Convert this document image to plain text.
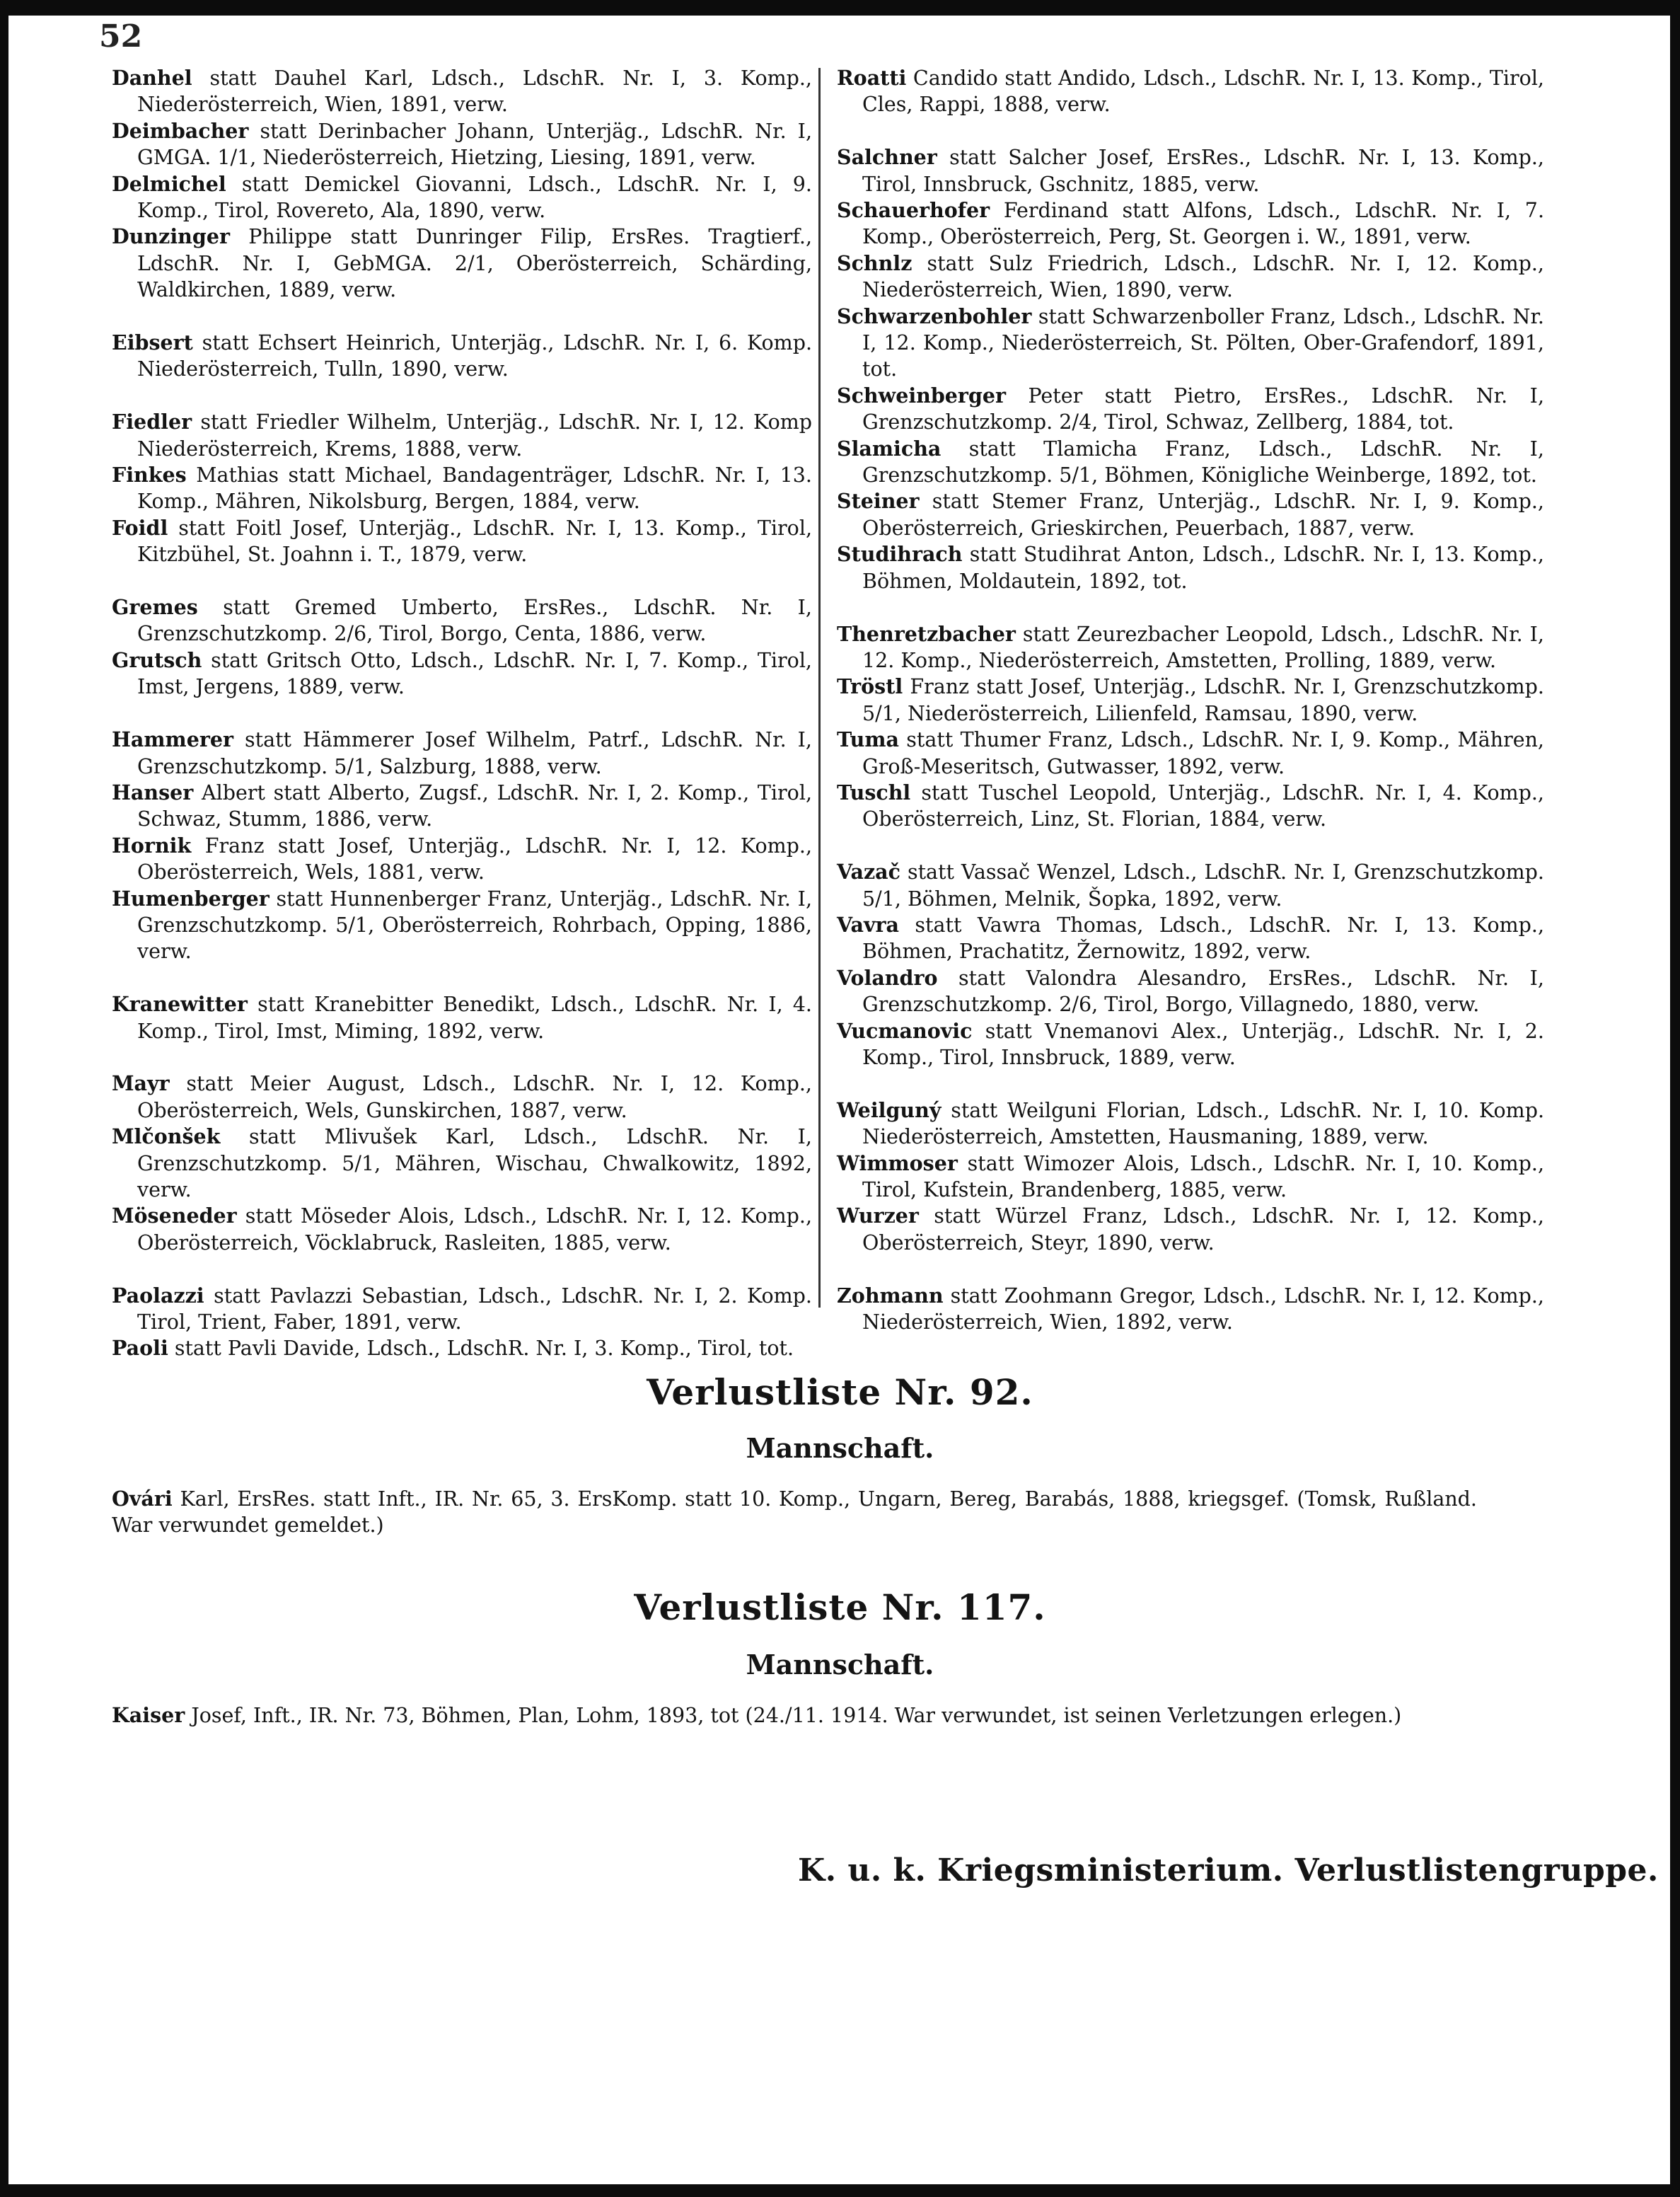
52

Danhel statt Dauhel Karl, Ldsch., LdschR. Nr. I, 3. Komp., Niederösterreich, Wien, 1891, verw.

Deimbacher statt Derinbacher Johann, Unterjäg., LdschR. Nr. I, GMGA. 1/1, Niederösterreich, Hietzing, Liesing, 1891, verw.

Delmichel statt Demickel Giovanni, Ldsch., LdschR. Nr. I, 9. Komp., Tirol, Rovereto, Ala, 1890, verw.

Dunzinger Philippe statt Dunringer Filip, ErsRes. Tragtierf., LdschR. Nr. I, GebMGA. 2/1, Oberösterreich, Schärding, Waldkirchen, 1889, verw.

Eibsert statt Echsert Heinrich, Unterjäg., LdschR. Nr. I, 6. Komp. Niederösterreich, Tulln, 1890, verw.

Fiedler statt Friedler Wilhelm, Unterjäg., LdschR. Nr. I, 12. Komp Niederösterreich, Krems, 1888, verw.

Finkes Mathias statt Michael, Bandagenträger, LdschR. Nr. I, 13. Komp., Mähren, Nikolsburg, Bergen, 1884, verw.

Foidl statt Foitl Josef, Unterjäg., LdschR. Nr. I, 13. Komp., Tirol, Kitzbühel, St. Joahnn i. T., 1879, verw.

Gremes statt Gremed Umberto, ErsRes., LdschR. Nr. I, Grenzschutzkomp. 2/6, Tirol, Borgo, Centa, 1886, verw.

Grutsch statt Gritsch Otto, Ldsch., LdschR. Nr. I, 7. Komp., Tirol, Imst, Jergens, 1889, verw.

Hammerer statt Hämmerer Josef Wilhelm, Patrf., LdschR. Nr. I, Grenzschutzkomp. 5/1, Salzburg, 1888, verw.

Hanser Albert statt Alberto, Zugsf., LdschR. Nr. I, 2. Komp., Tirol, Schwaz, Stumm, 1886, verw.

Hornik Franz statt Josef, Unterjäg., LdschR. Nr. I, 12. Komp., Oberösterreich, Wels, 1881, verw.

Humenberger statt Hunnenberger Franz, Unterjäg., LdschR. Nr. I, Grenzschutzkomp. 5/1, Oberösterreich, Rohrbach, Opping, 1886, verw.

Kranewitter statt Kranebitter Benedikt, Ldsch., LdschR. Nr. I, 4. Komp., Tirol, Imst, Miming, 1892, verw.

Mayr statt Meier August, Ldsch., LdschR. Nr. I, 12. Komp., Oberösterreich, Wels, Gunskirchen, 1887, verw.

Mlčonšek statt Mlivušek Karl, Ldsch., LdschR. Nr. I, Grenzschutzkomp. 5/1, Mähren, Wischau, Chwalkowitz, 1892, verw.

Möseneder statt Möseder Alois, Ldsch., LdschR. Nr. I, 12. Komp., Oberösterreich, Vöcklabruck, Rasleiten, 1885, verw.

Paolazzi statt Pavlazzi Sebastian, Ldsch., LdschR. Nr. I, 2. Komp. Tirol, Trient, Faber, 1891, verw.

Paoli statt Pavli Davide, Ldsch., LdschR. Nr. I, 3. Komp., Tirol, tot.

Roatti Candido statt Andido, Ldsch., LdschR. Nr. I, 13. Komp., Tirol, Cles, Rappi, 1888, verw.

Salchner statt Salcher Josef, ErsRes., LdschR. Nr. I, 13. Komp., Tirol, Innsbruck, Gschnitz, 1885, verw.

Schauerhofer Ferdinand statt Alfons, Ldsch., LdschR. Nr. I, 7. Komp., Oberösterreich, Perg, St. Georgen i. W., 1891, verw.

Schnlz statt Sulz Friedrich, Ldsch., LdschR. Nr. I, 12. Komp., Niederösterreich, Wien, 1890, verw.

Schwarzenbohler statt Schwarzenboller Franz, Ldsch., LdschR. Nr. I, 12. Komp., Niederösterreich, St. Pölten, Ober-Grafendorf, 1891, tot.

Schweinberger Peter statt Pietro, ErsRes., LdschR. Nr. I, Grenzschutzkomp. 2/4, Tirol, Schwaz, Zellberg, 1884, tot.

Slamicha statt Tlamicha Franz, Ldsch., LdschR. Nr. I, Grenzschutzkomp. 5/1, Böhmen, Königliche Weinberge, 1892, tot.

Steiner statt Stemer Franz, Unterjäg., LdschR. Nr. I, 9. Komp., Oberösterreich, Grieskirchen, Peuerbach, 1887, verw.

Studihrach statt Studihrat Anton, Ldsch., LdschR. Nr. I, 13. Komp., Böhmen, Moldautein, 1892, tot.

Thenretzbacher statt Zeurezbacher Leopold, Ldsch., LdschR. Nr. I, 12. Komp., Niederösterreich, Amstetten, Prolling, 1889, verw.

Tröstl Franz statt Josef, Unterjäg., LdschR. Nr. I, Grenzschutzkomp. 5/1, Niederösterreich, Lilienfeld, Ramsau, 1890, verw.

Tuma statt Thumer Franz, Ldsch., LdschR. Nr. I, 9. Komp., Mähren, Groß-Meseritsch, Gutwasser, 1892, verw.

Tuschl statt Tuschel Leopold, Unterjäg., LdschR. Nr. I, 4. Komp., Oberösterreich, Linz, St. Florian, 1884, verw.

Vazač statt Vassač Wenzel, Ldsch., LdschR. Nr. I, Grenzschutzkomp. 5/1, Böhmen, Melnik, Šopka, 1892, verw.

Vavra statt Vawra Thomas, Ldsch., LdschR. Nr. I, 13. Komp., Böhmen, Prachatitz, Žernowitz, 1892, verw.

Volandro statt Valondra Alesandro, ErsRes., LdschR. Nr. I, Grenzschutzkomp. 2/6, Tirol, Borgo, Villagnedo, 1880, verw.

Vucmanovic statt Vnemanovi Alex., Unterjäg., LdschR. Nr. I, 2. Komp., Tirol, Innsbruck, 1889, verw.

Weilguný statt Weilguni Florian, Ldsch., LdschR. Nr. I, 10. Komp. Niederösterreich, Amstetten, Hausmaning, 1889, verw.

Wimmoser statt Wimozer Alois, Ldsch., LdschR. Nr. I, 10. Komp., Tirol, Kufstein, Brandenberg, 1885, verw.

Wurzer statt Würzel Franz, Ldsch., LdschR. Nr. I, 12. Komp., Oberösterreich, Steyr, 1890, verw.

Zohmann statt Zoohmann Gregor, Ldsch., LdschR. Nr. I, 12. Komp., Niederösterreich, Wien, 1892, verw.

Verlustliste Nr. 92.
Mannschaft.
Ovári Karl, ErsRes. statt Inft., IR. Nr. 65, 3. ErsKomp. statt 10. Komp., Ungarn, Bereg, Barabás, 1888, kriegsgef. (Tomsk, Rußland. War verwundet gemeldet.)
Verlustliste Nr. 117.
Mannschaft.
Kaiser Josef, Inft., IR. Nr. 73, Böhmen, Plan, Lohm, 1893, tot (24./11. 1914. War verwundet, ist seinen Verletzungen erlegen.)
K. u. k. Kriegsministerium. Verlustlistengruppe.
